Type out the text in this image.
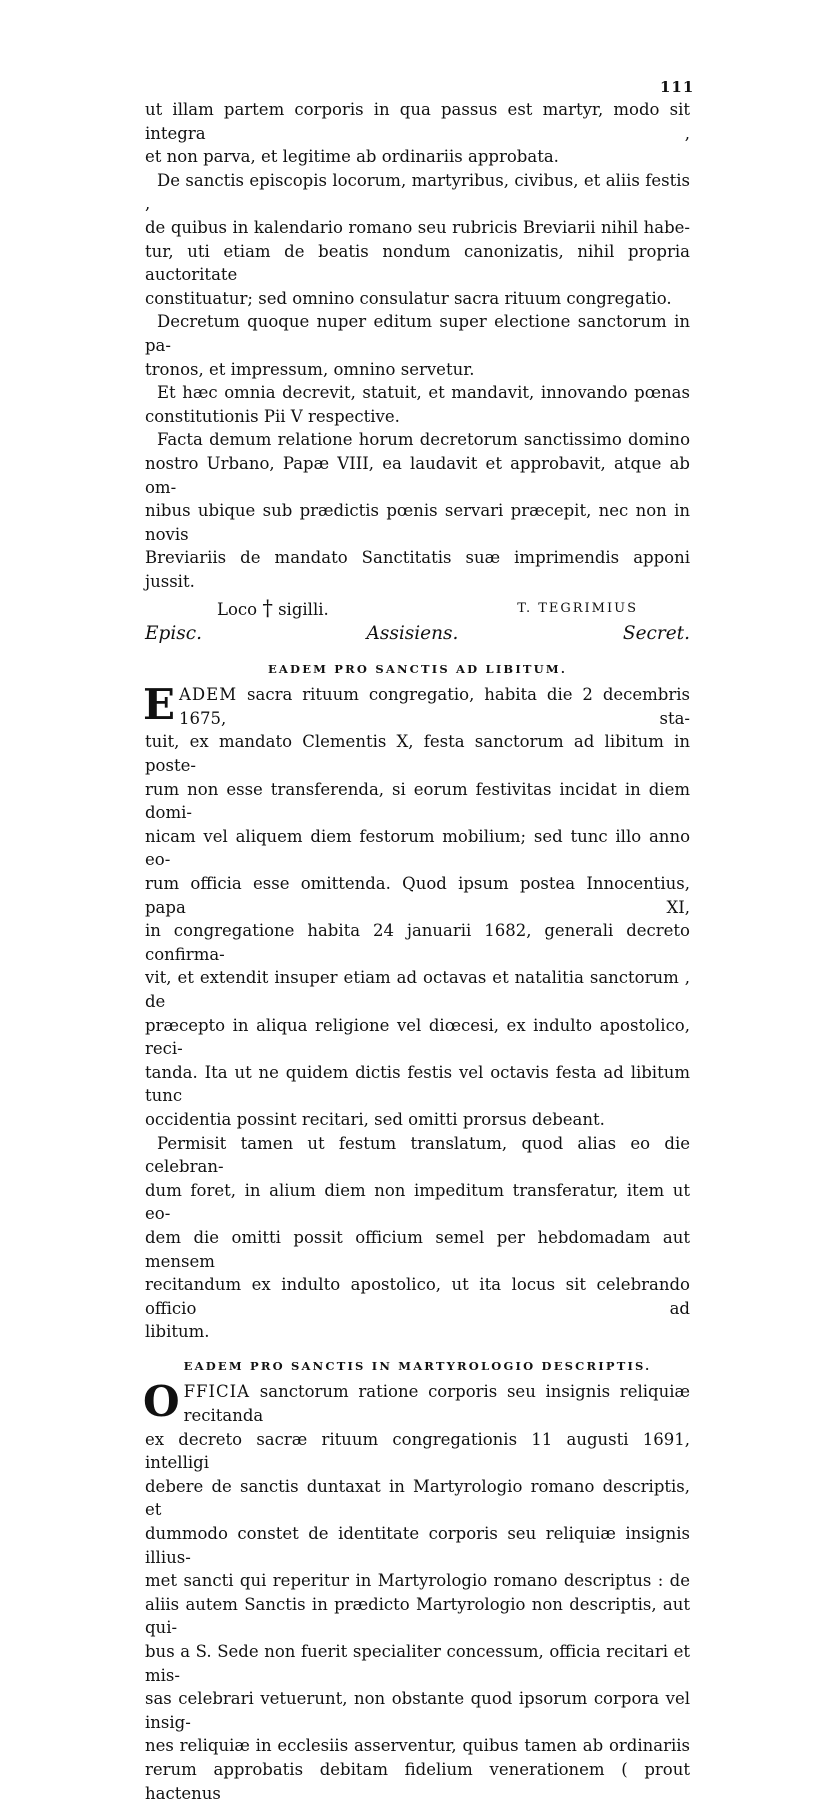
111

ut illam partem corporis in qua passus est martyr, modo sit integra ,

et non parva, et legitime ab ordinariis approbata.

De sanctis episcopis locorum, martyribus, civibus, et aliis festis ,

de quibus in kalendario romano seu rubricis Breviarii nihil habe-

tur, uti etiam de beatis nondum canonizatis, nihil propria auctoritate

constituatur; sed omnino consulatur sacra rituum congregatio.

Decretum quoque nuper editum super electione sanctorum in pa-

tronos, et impressum, omnino servetur.

Et hæc omnia decrevit, statuit, et mandavit, innovando pœnas

constitutionis Pii V respective.

Facta demum relatione horum decretorum sanctissimo domino

nostro Urbano, Papæ VIII, ea laudavit et approbavit, atque ab om-

nibus ubique sub prædictis pœnis servari præcepit, nec non in novis

Breviariis de mandato Sanctitatis suæ imprimendis apponi jussit.

Loco † sigilli.	T. TEGRIMIUS

Episc. Assisiens. Secret.

EADEM PRO SANCTIS AD LIBITUM.
E ADEM sacra rituum congregatio, habita die 2 decembris 1675, sta-

tuit, ex mandato Clementis X, festa sanctorum ad libitum in poste-

rum non esse transferenda, si eorum festivitas incidat in diem domi-

nicam vel aliquem diem festorum mobilium; sed tunc illo anno eo-

rum officia esse omittenda. Quod ipsum postea Innocentius, papa XI,

in congregatione habita 24 januarii 1682, generali decreto confirma-

vit, et extendit insuper etiam ad octavas et natalitia sanctorum , de

præcepto in aliqua religione vel diœcesi, ex indulto apostolico, reci-

tanda. Ita ut ne quidem dictis festis vel octavis festa ad libitum tunc

occidentia possint recitari, sed omitti prorsus debeant.

Permisit tamen ut festum translatum, quod alias eo die celebran-

dum foret, in alium diem non impeditum transferatur, item ut eo-

dem die omitti possit officium semel per hebdomadam aut mensem

recitandum ex indulto apostolico, ut ita locus sit celebrando officio ad

libitum.

EADEM PRO SANCTIS IN MARTYROLOGIO DESCRIPTIS.
O FFICIA sanctorum ratione corporis seu insignis reliquiæ recitanda

ex decreto sacræ rituum congregationis 11 augusti 1691, intelligi

debere de sanctis duntaxat in Martyrologio romano descriptis, et

dummodo constet de identitate corporis seu reliquiæ insignis illius-

met sancti qui reperitur in Martyrologio romano descriptus : de

aliis autem Sanctis in prædicto Martyrologio non descriptis, aut qui-

bus a S. Sede non fuerit specialiter concessum, officia recitari et mis-

sas celebrari vetuerunt, non obstante quod ipsorum corpora vel insig-

nes reliquiæ in ecclesiis asserventur, quibus tamen ab ordinariis

rerum approbatis debitam fidelium venerationem ( prout hactenus
